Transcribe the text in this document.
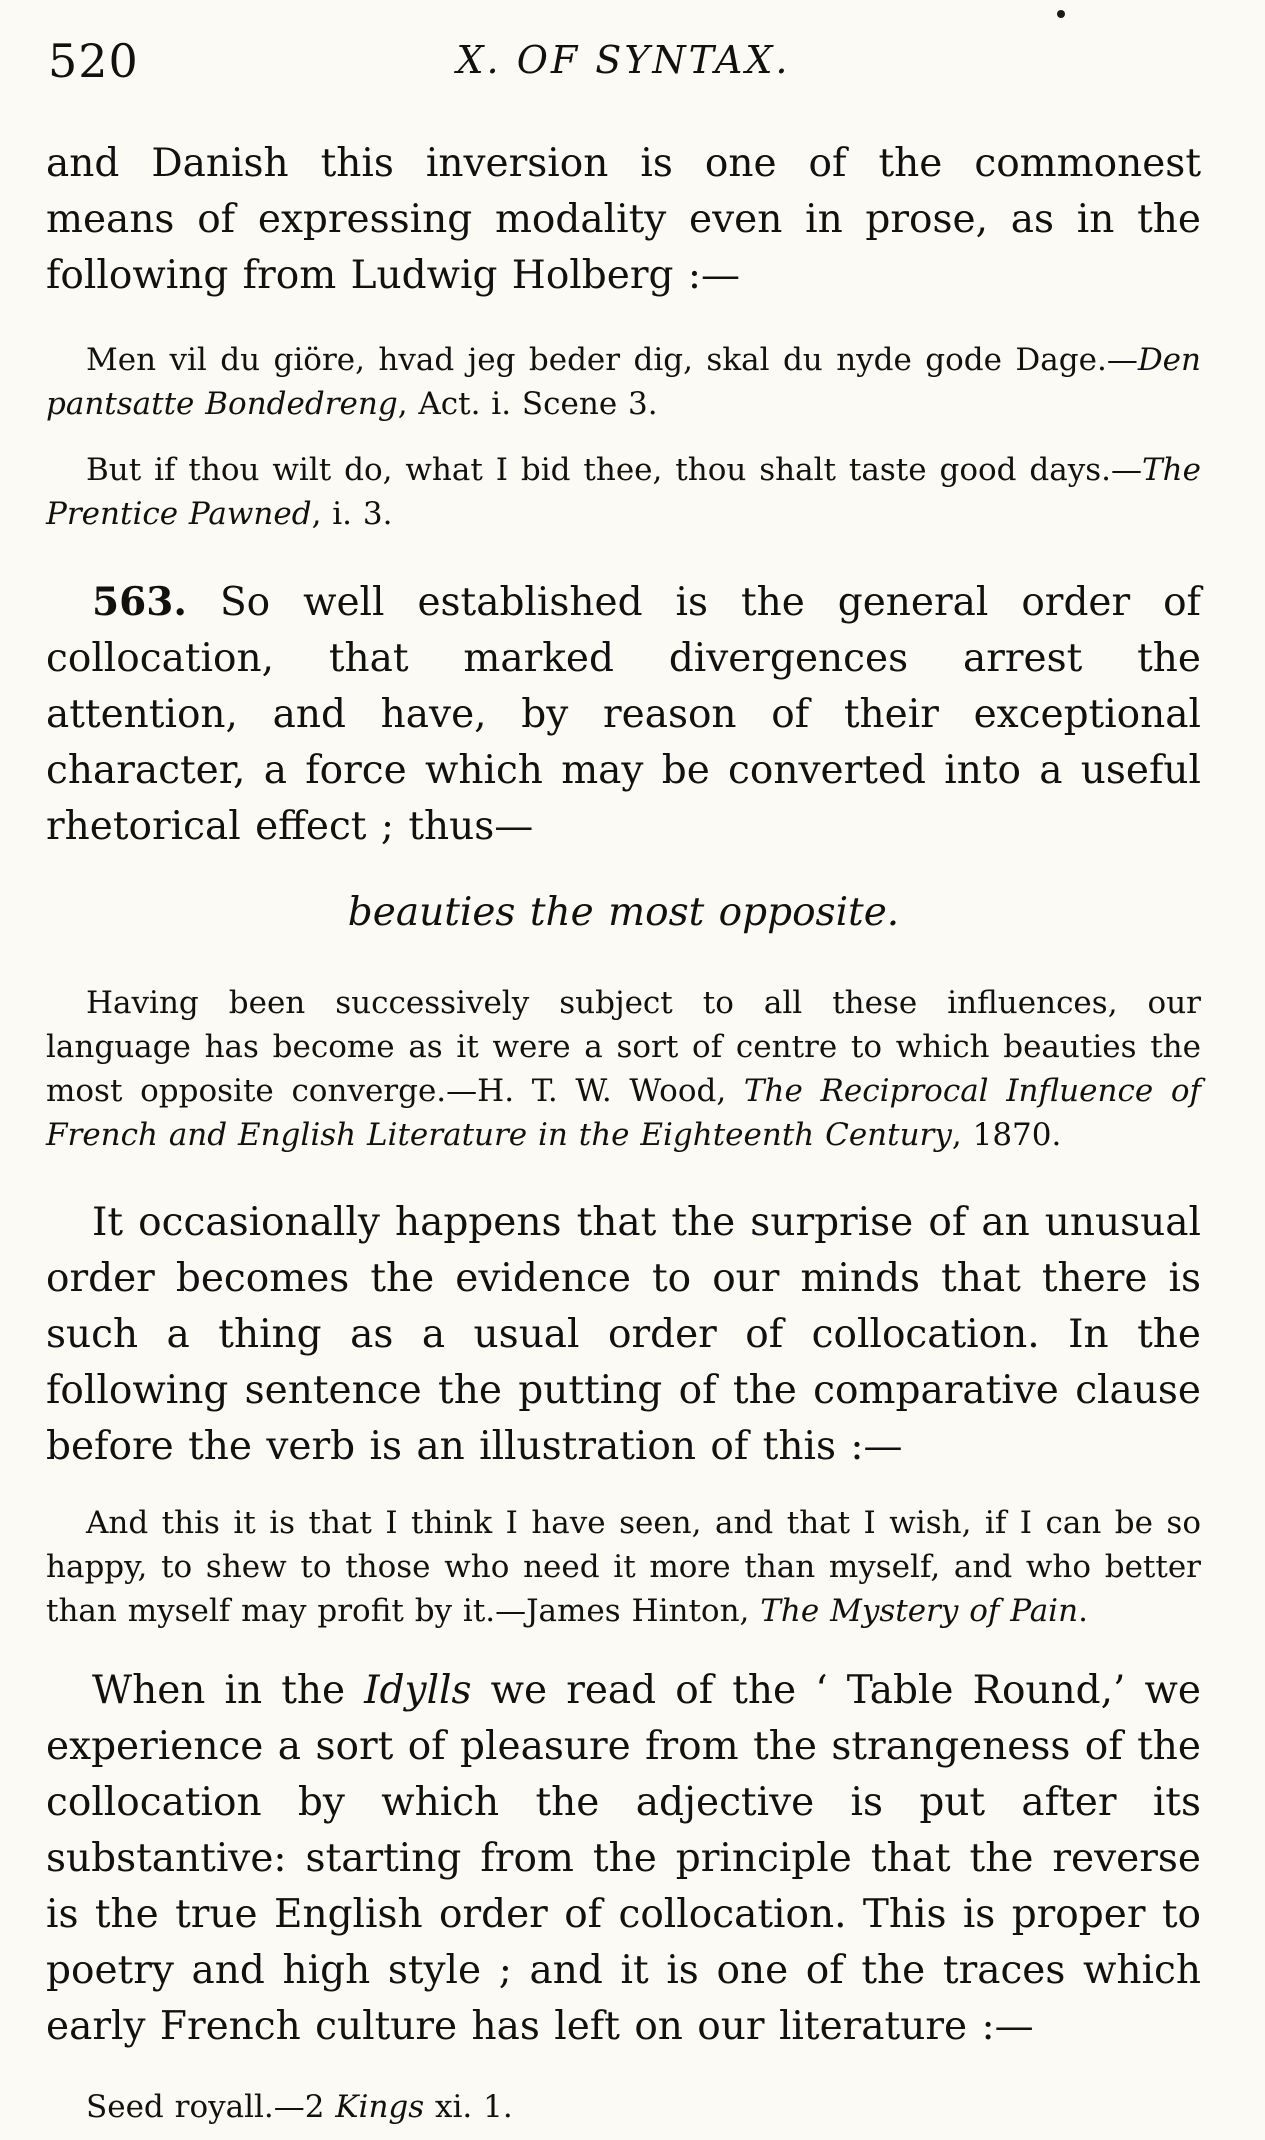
520	X. OF SYNTAX.

and Danish this inversion is one of the commonest means of expressing modality even in prose, as in the following from Ludwig Holberg :—

Men vil du giöre, hvad jeg beder dig, skal du nyde gode Dage.—Den pantsatte Bondedreng, Act. i. Scene 3.

But if thou wilt do, what I bid thee, thou shalt taste good days.—The Prentice Pawned, i. 3.

563. So well established is the general order of collocation, that marked divergences arrest the attention, and have, by reason of their exceptional character, a force which may be converted into a useful rhetorical effect ; thus—

beauties the most opposite.

Having been successively subject to all these influences, our language has become as it were a sort of centre to which beauties the most opposite converge.—H. T. W. Wood, The Reciprocal Influence of French and English Literature in the Eighteenth Century, 1870.

It occasionally happens that the surprise of an unusual order becomes the evidence to our minds that there is such a thing as a usual order of collocation. In the following sentence the putting of the comparative clause before the verb is an illustration of this :—

And this it is that I think I have seen, and that I wish, if I can be so happy, to shew to those who need it more than myself, and who better than myself may profit by it.—James Hinton, The Mystery of Pain.

When in the Idylls we read of the ‘ Table Round,’ we experience a sort of pleasure from the strangeness of the collocation by which the adjective is put after its substantive: starting from the principle that the reverse is the true English order of collocation. This is proper to poetry and high style ; and it is one of the traces which early French culture has left on our literature :—

Seed royall.—2 Kings xi. 1.
